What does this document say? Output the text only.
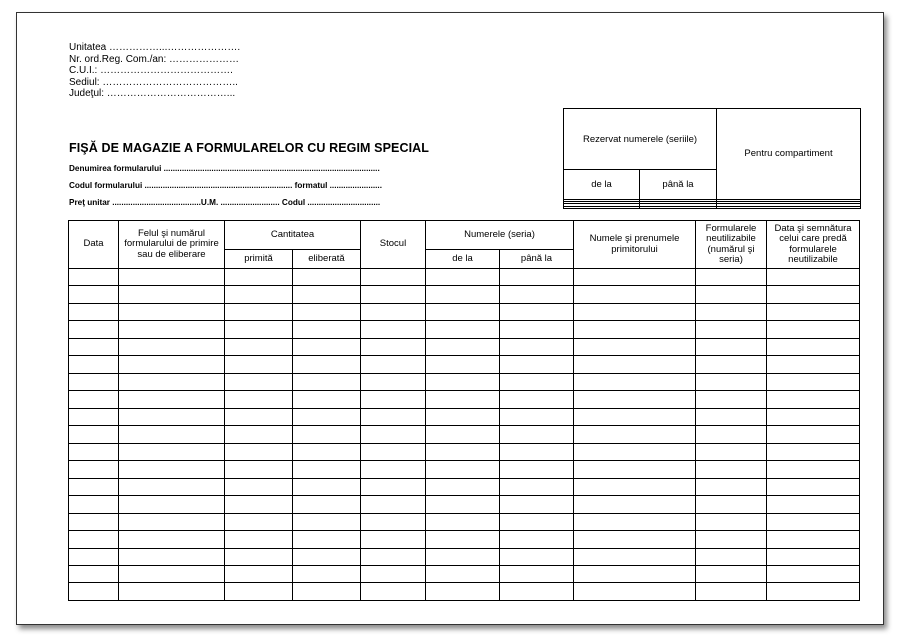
Unitatea ……………...………………….
Nr. ord.Reg. Com./an: …………………
C.U.I.: ………………………………….
Sediul: …………………………………..
Judeţul: ………………………………...
FIŞĂ DE MAGAZIE A FORMULARELOR CU REGIM SPECIAL
Denumirea formularului ...............................................................................................
Codul formularului ................................................................. formatul .......................
Preţ unitar .......................................U.M. .......................... Codul ................................
Rezervat numerele (seriile)		Pentru compartiment
de la	până la	

Data	Felul şi numărul formularului de primire sau de eliberare	Cantitatea		Stocul	Numerele (seria)		Numele şi prenumele primitorului	Formularele neutilizabile (numărul şi seria)	Data şi semnătura celui care predă formularele neutilizabile
		primită	eliberată		de la	până la			
